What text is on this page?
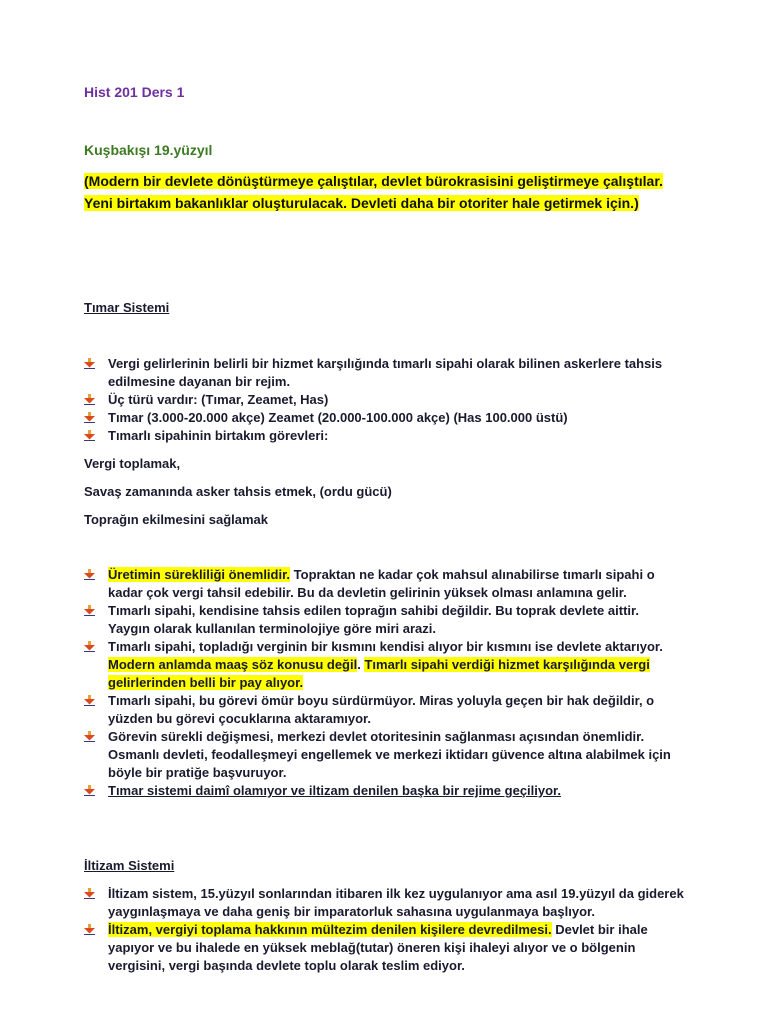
Hist 201 Ders 1
Kuşbakışı 19.yüzyıl
(Modern bir devlete dönüştürmeye çalıştılar, devlet bürokrasisini geliştirmeye çalıştılar. Yeni birtakım bakanlıklar oluşturulacak. Devleti daha bir otoriter hale getirmek için.)
Tımar Sistemi
Vergi gelirlerinin belirli bir hizmet karşılığında tımarlı sipahi olarak bilinen askerlere tahsis edilmesine dayanan bir rejim.
Üç türü vardır: (Tımar, Zeamet, Has)
Tımar (3.000-20.000 akçe) Zeamet (20.000-100.000 akçe) (Has 100.000 üstü)
Tımarlı sipahinin birtakım görevleri:
Vergi toplamak,
Savaş zamanında asker tahsis etmek, (ordu gücü)
Toprağın ekilmesini sağlamak
Üretimin sürekliliği önemlidir. Topraktan ne kadar çok mahsul alınabilirse tımarlı sipahi o kadar çok vergi tahsil edebilir. Bu da devletin gelirinin yüksek olması anlamına gelir.
Tımarlı sipahi, kendisine tahsis edilen toprağın sahibi değildir. Bu toprak devlete aittir. Yaygın olarak kullanılan terminolojiye göre miri arazi.
Tımarlı sipahi, topladığı verginin bir kısmını kendisi alıyor bir kısmını ise devlete aktarıyor. Modern anlamda maaş söz konusu değil. Tımarlı sipahi verdiği hizmet karşılığında vergi gelirlerinden belli bir pay alıyor.
Tımarlı sipahi, bu görevi ömür boyu sürdürmüyor. Miras yoluyla geçen bir hak değildir, o yüzden bu görevi çocuklarına aktaramıyor.
Görevin sürekli değişmesi, merkezi devlet otoritesinin sağlanması açısından önemlidir. Osmanlı devleti, feodalleşmeyi engellemek ve merkezi iktidarı güvence altına alabilmek için böyle bir pratiğe başvuruyor.
Tımar sistemi daimî olamıyor ve iltizam denilen başka bir rejime geçiliyor.
İltizam Sistemi
İltizam sistem, 15.yüzyıl sonlarından itibaren ilk kez uygulanıyor ama asıl 19.yüzyıl da giderek yaygınlaşmaya ve daha geniş bir imparatorluk sahasına uygulanmaya başlıyor.
İltizam, vergiyi toplama hakkının mültezim denilen kişilere devredilmesi. Devlet bir ihale yapıyor ve bu ihalede en yüksek meblağ(tutar) öneren kişi ihaleyi alıyor ve o bölgenin vergisini, vergi başında devlete toplu olarak teslim ediyor.
